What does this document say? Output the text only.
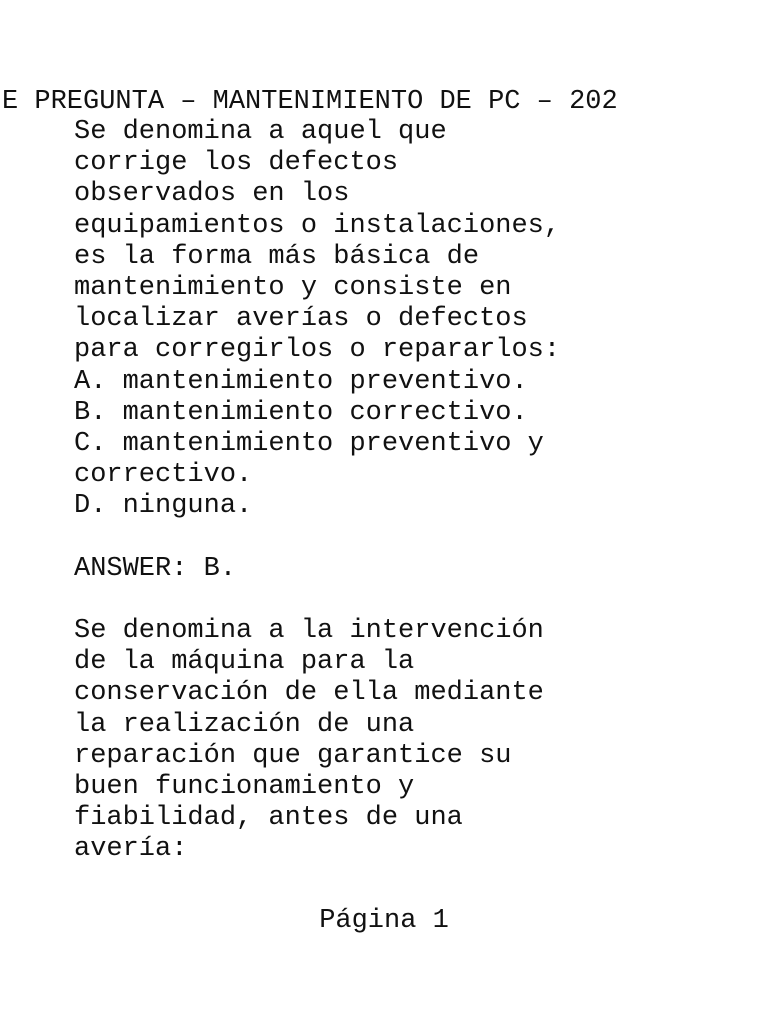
E PREGUNTA – MANTENIMIENTO DE PC – 202
Se denomina a aquel que
corrige los defectos
observados en los
equipamientos o instalaciones,
es la forma más básica de
mantenimiento y consiste en
localizar averías o defectos
para corregirlos o repararlos:
A. mantenimiento preventivo.
B. mantenimiento correctivo.
C. mantenimiento preventivo y
correctivo.
D. ninguna.
ANSWER: B.
Se denomina a la intervención
de la máquina para la
conservación de ella mediante
la realización de una
reparación que garantice su
buen funcionamiento y
fiabilidad, antes de una
avería:
Página 1
